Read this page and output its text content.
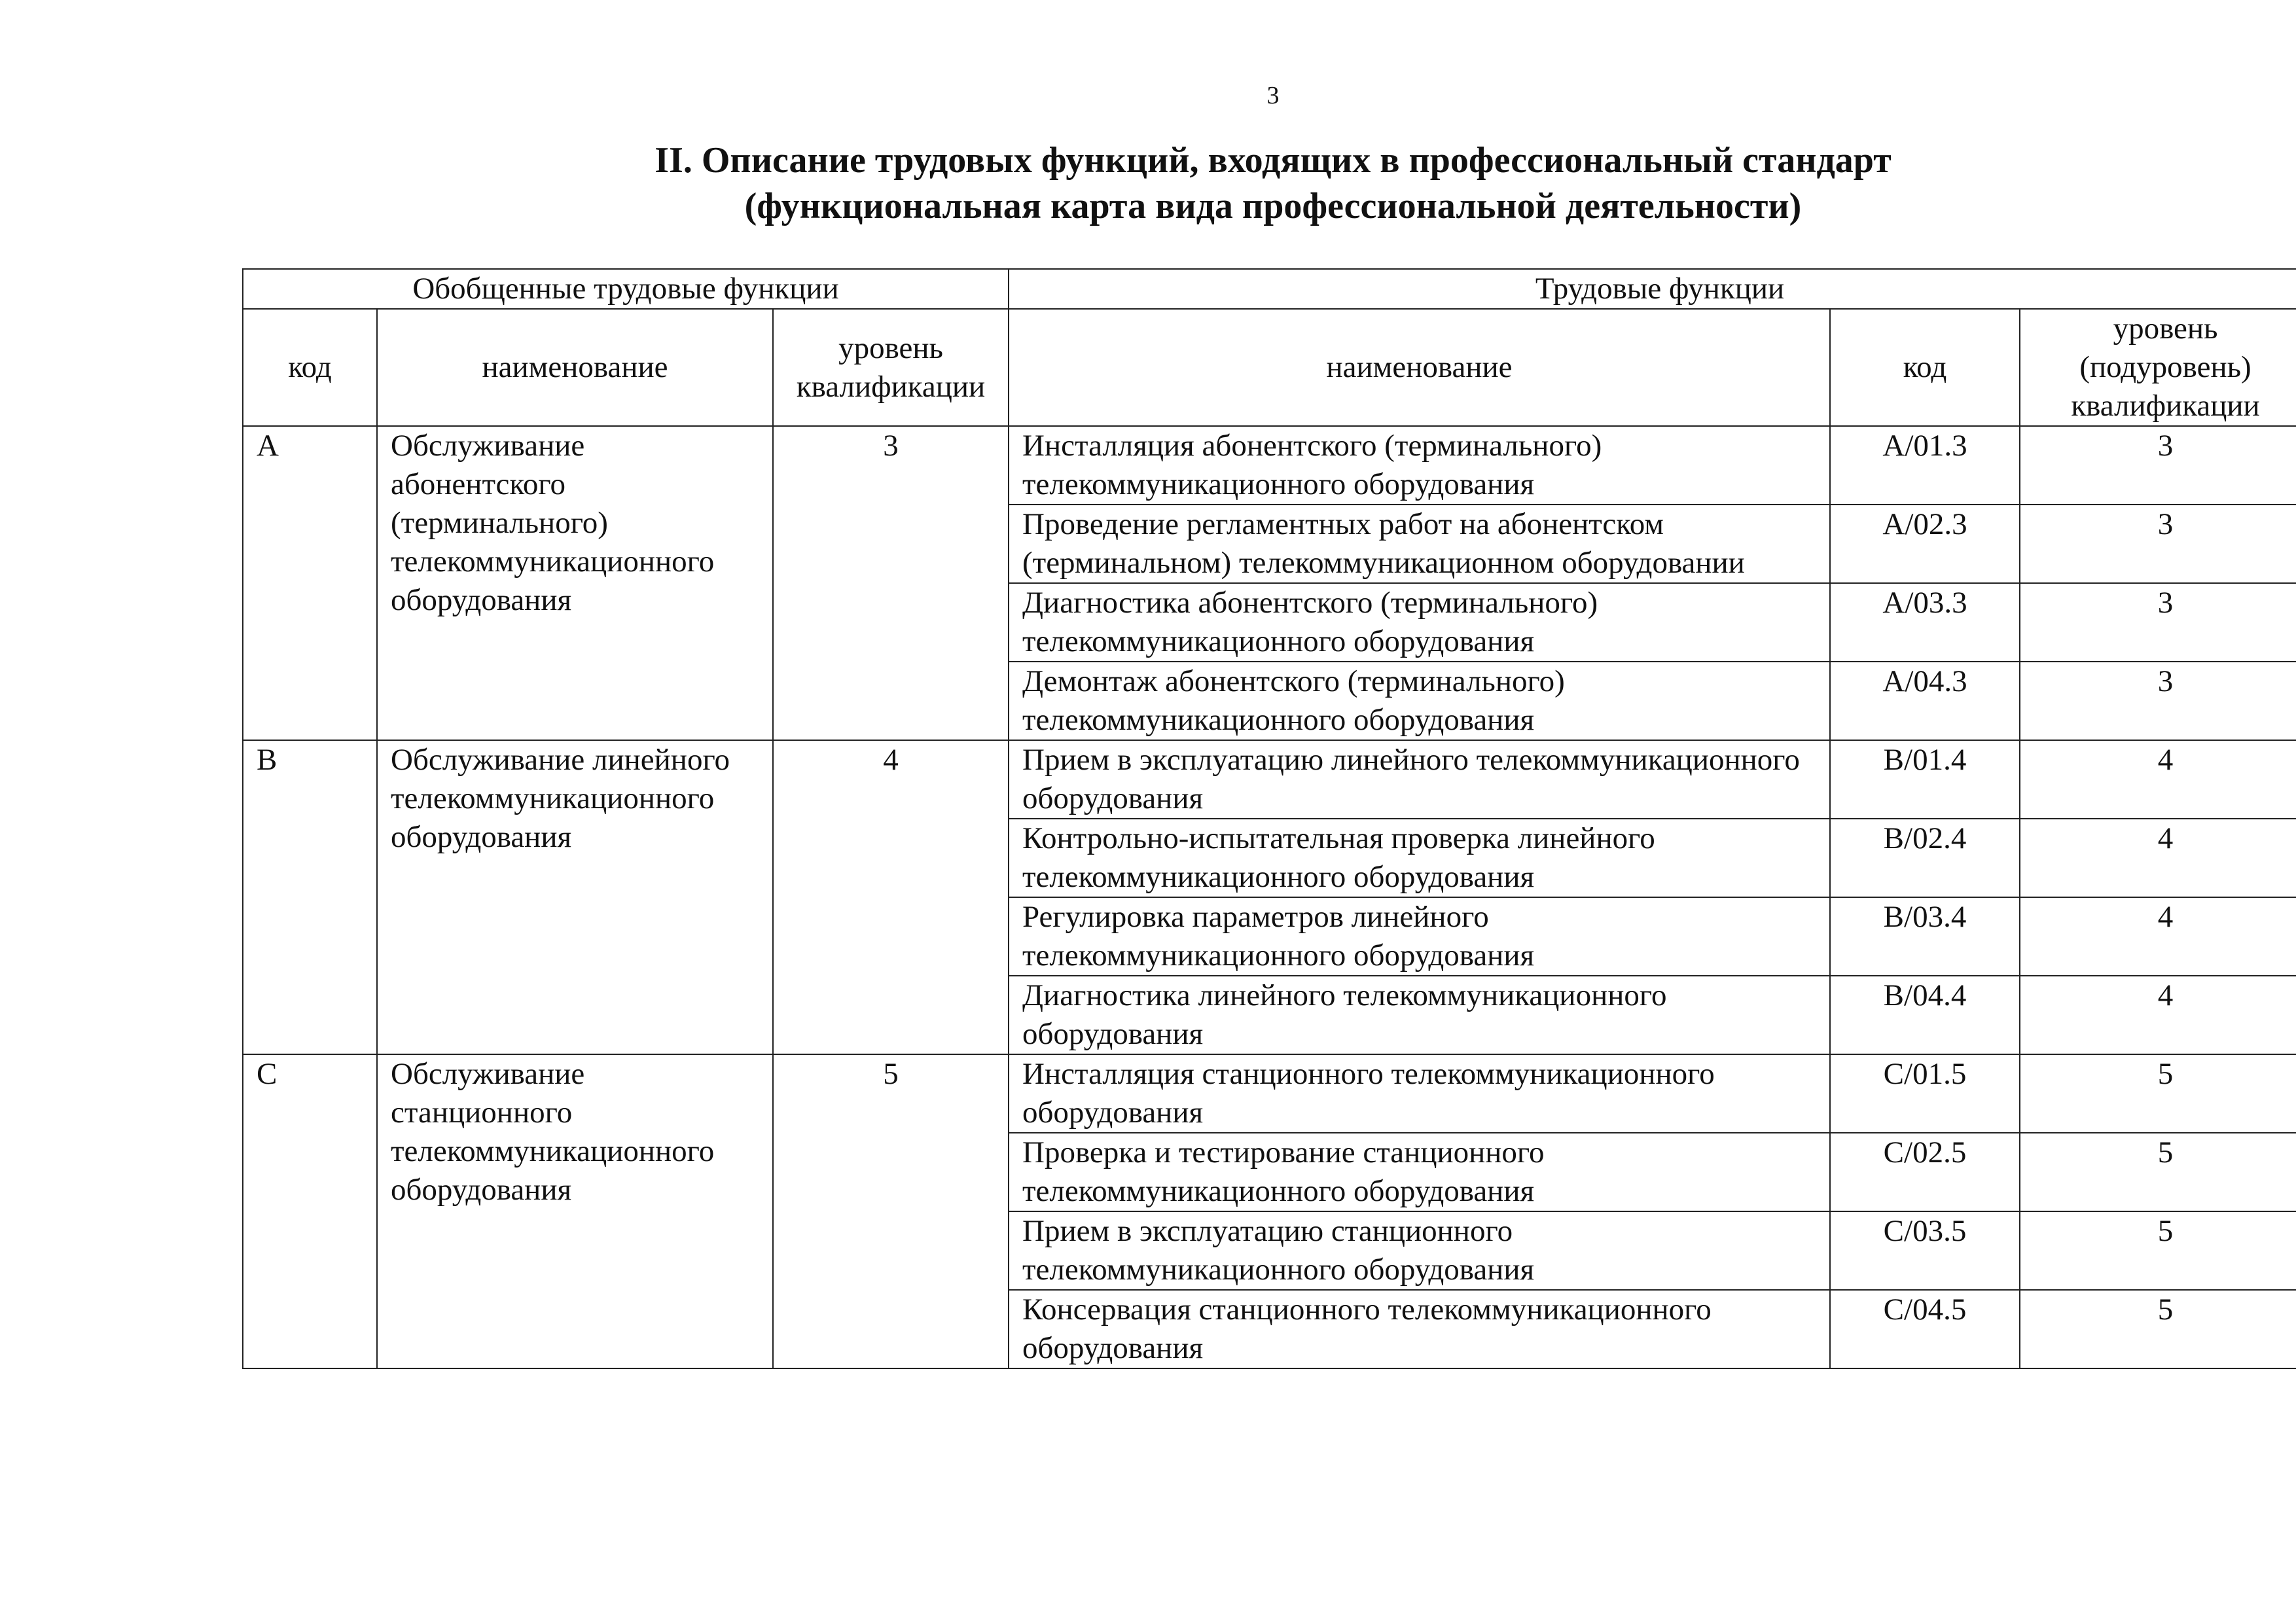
3
II. Описание трудовых функций, входящих в профессиональный стандарт
(функциональная карта вида профессиональной деятельности)
Обобщенные трудовые функции			Трудовые функции		
код	наименование	уровень квалификации	наименование	код	уровень (подуровень) квалификации
A	Обслуживание абонентского (терминального) телекоммуникационного оборудования	3	Инсталляция абонентского (терминального) телекоммуникационного оборудования	A/01.3	3
			Проведение регламентных работ на абонентском (терминальном) телекоммуникационном оборудовании	A/02.3	3
			Диагностика абонентского (терминального) телекоммуникационного оборудования	A/03.3	3
			Демонтаж абонентского (терминального) телекоммуникационного оборудования	A/04.3	3
B	Обслуживание линейного телекоммуникационного оборудования	4	Прием в эксплуатацию линейного телекоммуникационного оборудования	B/01.4	4
			Контрольно-испытательная проверка линейного телекоммуникационного оборудования	B/02.4	4
			Регулировка параметров линейного телекоммуникационного оборудования	B/03.4	4
			Диагностика линейного телекоммуникационного оборудования	B/04.4	4
C	Обслуживание станционного телекоммуникационного оборудования	5	Инсталляция станционного телекоммуникационного оборудования	C/01.5	5
			Проверка и тестирование станционного телекоммуникационного оборудования	C/02.5	5
			Прием в эксплуатацию станционного телекоммуникационного оборудования	C/03.5	5
			Консервация станционного телекоммуникационного оборудования	C/04.5	5
